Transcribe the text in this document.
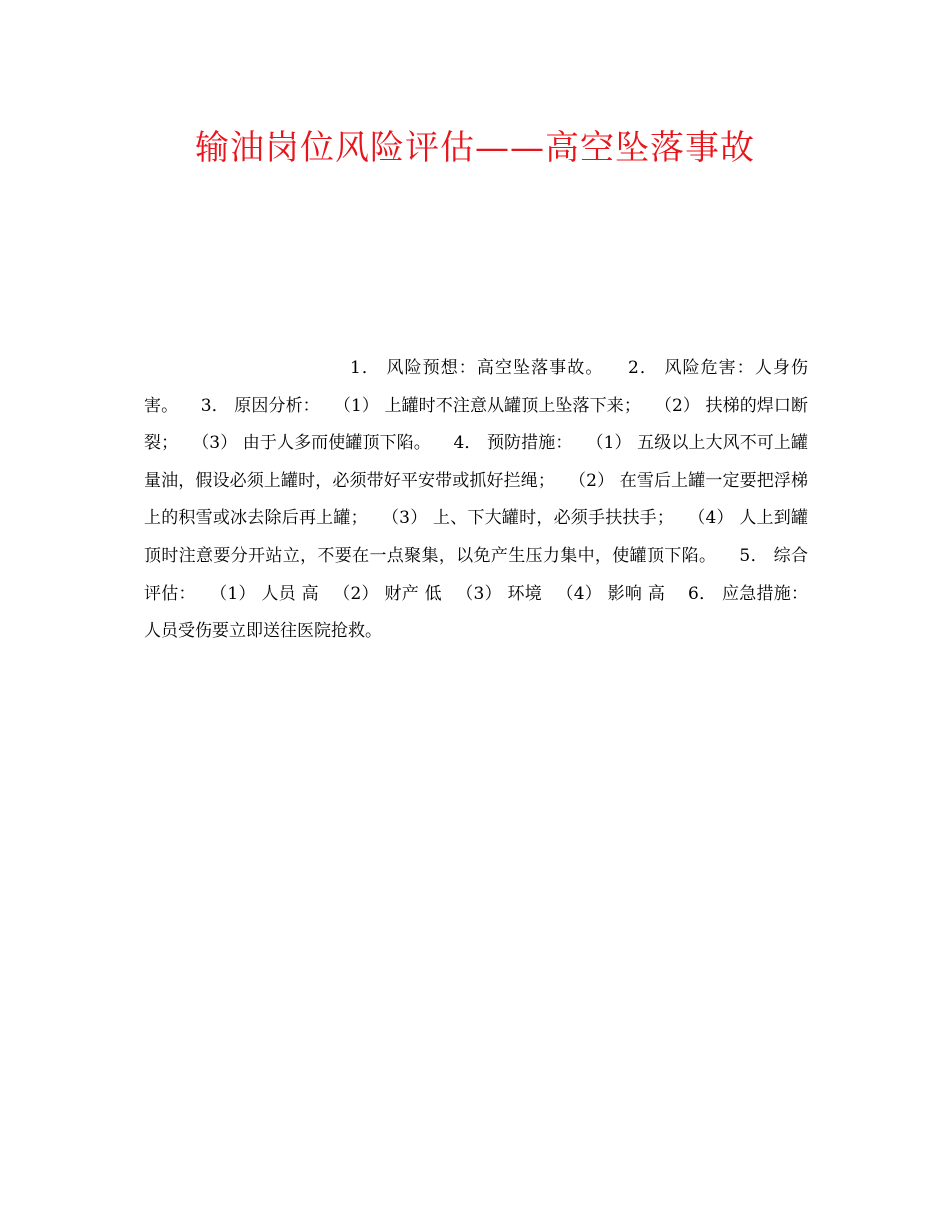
输油岗位风险评估——高空坠落事故

1． 风险预想：高空坠落事故。 　2． 风险危害：人身伤害。 　3． 原因分析： 　（1） 上罐时不注意从罐顶上坠落下来； 　（2） 扶梯的焊口断裂； 　（3） 由于人多而使罐顶下陷。 　4． 预防措施： 　（1） 五级以上大风不可上罐量油，假设必须上罐时，必须带好平安带或抓好拦绳； 　（2） 在雪后上罐一定要把浮梯上的积雪或冰去除后再上罐； 　（3） 上、下大罐时，必须手扶扶手； 　（4） 人上到罐顶时注意要分开站立，不要在一点聚集，以免产生压力集中，使罐顶下陷。 　5． 综合评估： 　（1） 人员 高 　（2） 财产 低 　（3） 环境 　（4） 影响 高 　6． 应急措施：人员受伤要立即送往医院抢救。
